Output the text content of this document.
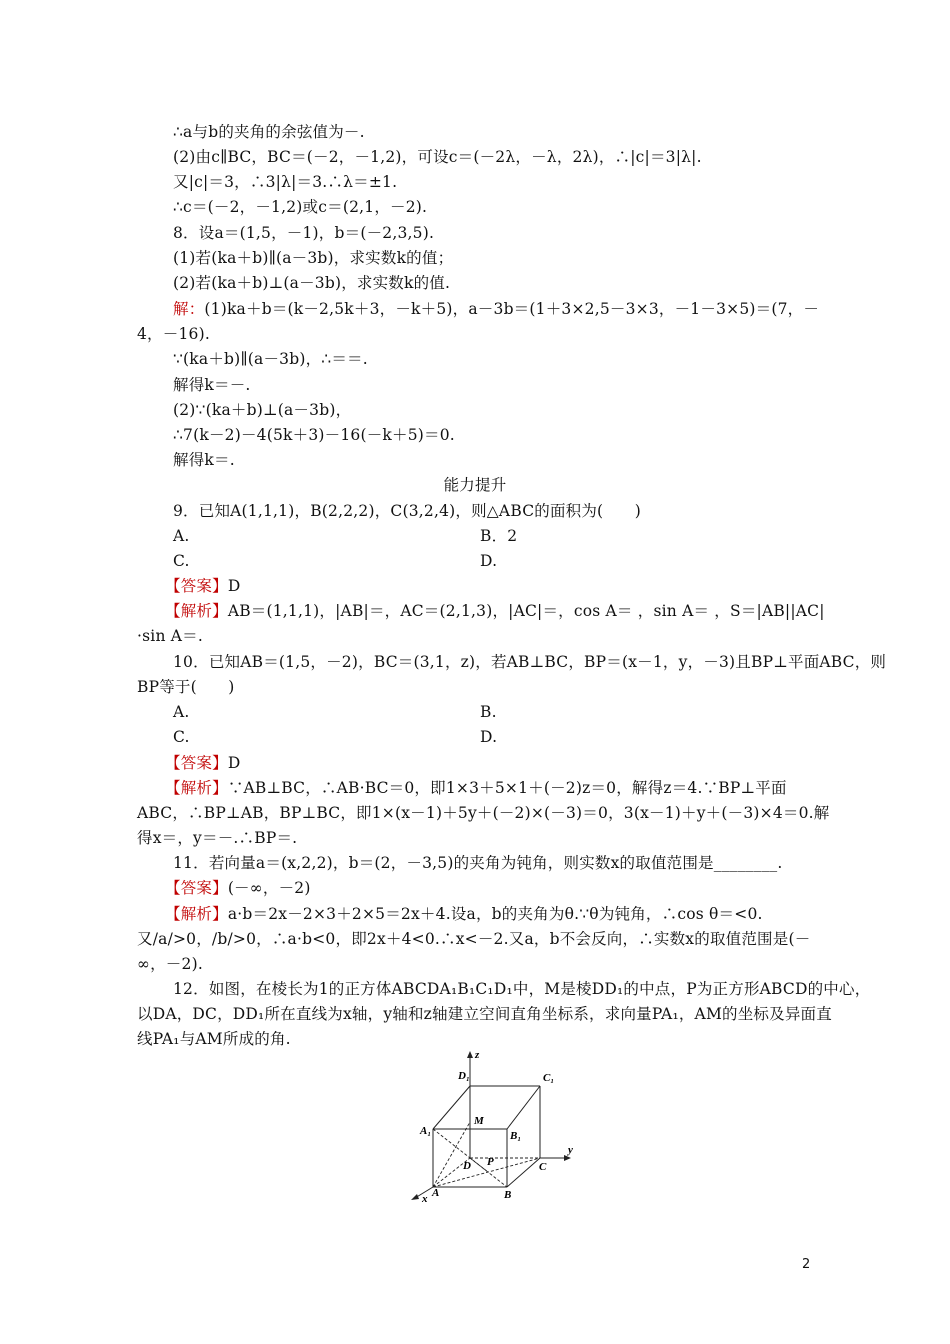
∴a与b的夹角的余弦值为－.
(2)由c∥BC，BC＝(－2，－1,2)，可设c＝(－2λ，－λ，2λ)，∴|c|＝3|λ|.
又|c|＝3，∴3|λ|＝3.∴λ＝±1.
∴c＝(－2，－1,2)或c＝(2,1，－2).
8．设a＝(1,5，－1)，b＝(－2,3,5).
(1)若(ka＋b)∥(a－3b)，求实数k的值；
(2)若(ka＋b)⊥(a－3b)，求实数k的值.
解：(1)ka＋b＝(k－2,5k＋3，－k＋5)，a－3b＝(1＋3×2,5－3×3，－1－3×5)＝(7，－
4，－16).
∵(ka＋b)∥(a－3b)，∴＝＝.
解得k＝－.
(2)∵(ka＋b)⊥(a－3b)，
∴7(k－2)－4(5k＋3)－16(－k＋5)＝0.
解得k＝.
能力提升
9．已知A(1,1,1)，B(2,2,2)，C(3,2,4)，则△ABC的面积为(　　)
A.	B．2
C.	D.
【答案】D
【解析】AB＝(1,1,1)，|AB|＝，AC＝(2,1,3)，|AC|＝，cos A＝ ，sin A＝ ，S＝|AB||AC|
·sin A＝.
10．已知AB＝(1,5，－2)，BC＝(3,1，z)，若AB⊥BC，BP＝(x－1，y，－3)且BP⊥平面ABC，则
BP等于(　　)
A.	B.
C.	D.
【答案】D
【解析】∵AB⊥BC，∴AB·BC＝0，即1×3＋5×1＋(－2)z＝0，解得z＝4.∵BP⊥平面
ABC，∴BP⊥AB，BP⊥BC，即1×(x－1)＋5y＋(－2)×(－3)＝0，3(x－1)＋y＋(－3)×4＝0.解
得x＝，y＝－.∴BP＝.
11．若向量a＝(x,2,2)，b＝(2，－3,5)的夹角为钝角，则实数x的取值范围是________.
【答案】(－∞，－2)
【解析】a·b＝2x－2×3＋2×5＝2x＋4.设a，b的夹角为θ.∵θ为钝角，∴cos θ＝<0.
又/a/>0，/b/>0，∴a·b<0，即2x＋4<0.∴x<－2.又a，b不会反向，∴实数x的取值范围是(－
∞，－2).
12．如图，在棱长为1的正方体ABCDA₁B₁C₁D₁中，M是棱DD₁的中点，P为正方形ABCD的中心，
以DA，DC，DD₁所在直线为x轴，y轴和z轴建立空间直角坐标系，求向量PA₁，AM的坐标及异面直
线PA₁与AM所成的角.
D₁	C₁
A₁	B₁
M
D P	C
A	B
z
y
x
2
